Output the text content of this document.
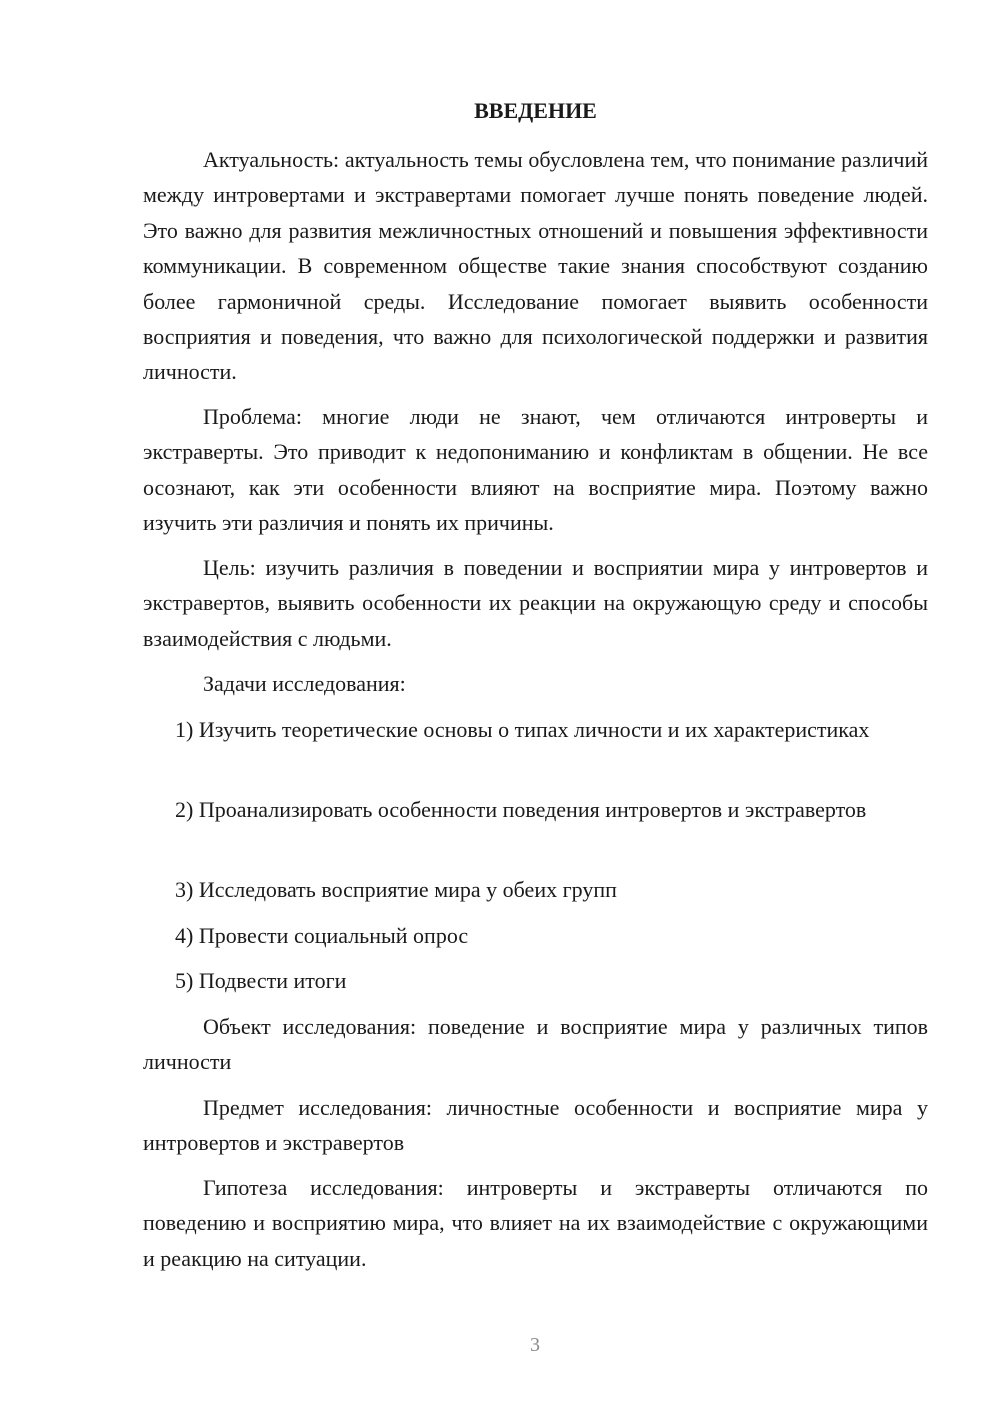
ВВЕДЕНИЕ

Актуальность: актуальность темы обусловлена тем, что понимание различий между интровертами и экстравертами помогает лучше понять поведение людей. Это важно для развития межличностных отношений и повышения эффективности коммуникации. В современном обществе такие знания способствуют созданию более гармоничной среды. Исследование помогает выявить особенности восприятия и поведения, что важно для психологической поддержки и развития личности.

Проблема: многие люди не знают, чем отличаются интроверты и экстраверты. Это приводит к недопониманию и конфликтам в общении. Не все осознают, как эти особенности влияют на восприятие мира. Поэтому важно изучить эти различия и понять их причины.

Цель: изучить различия в поведении и восприятии мира у интровертов и экстравертов, выявить особенности их реакции на окружающую среду и способы взаимодействия с людьми.

Задачи исследования:

1) Изучить теоретические основы о типах личности и их характеристиках

2) Проанализировать особенности поведения интровертов и экстравертов

3) Исследовать восприятие мира у обеих групп

4) Провести социальный опрос

5) Подвести итоги

Объект исследования: поведение и восприятие мира у различных типов личности

Предмет исследования: личностные особенности и восприятие мира у интровертов и экстравертов

Гипотеза исследования: интроверты и экстраверты отличаются по поведению и восприятию мира, что влияет на их взаимодействие с окружающими и реакцию на ситуации.

3
